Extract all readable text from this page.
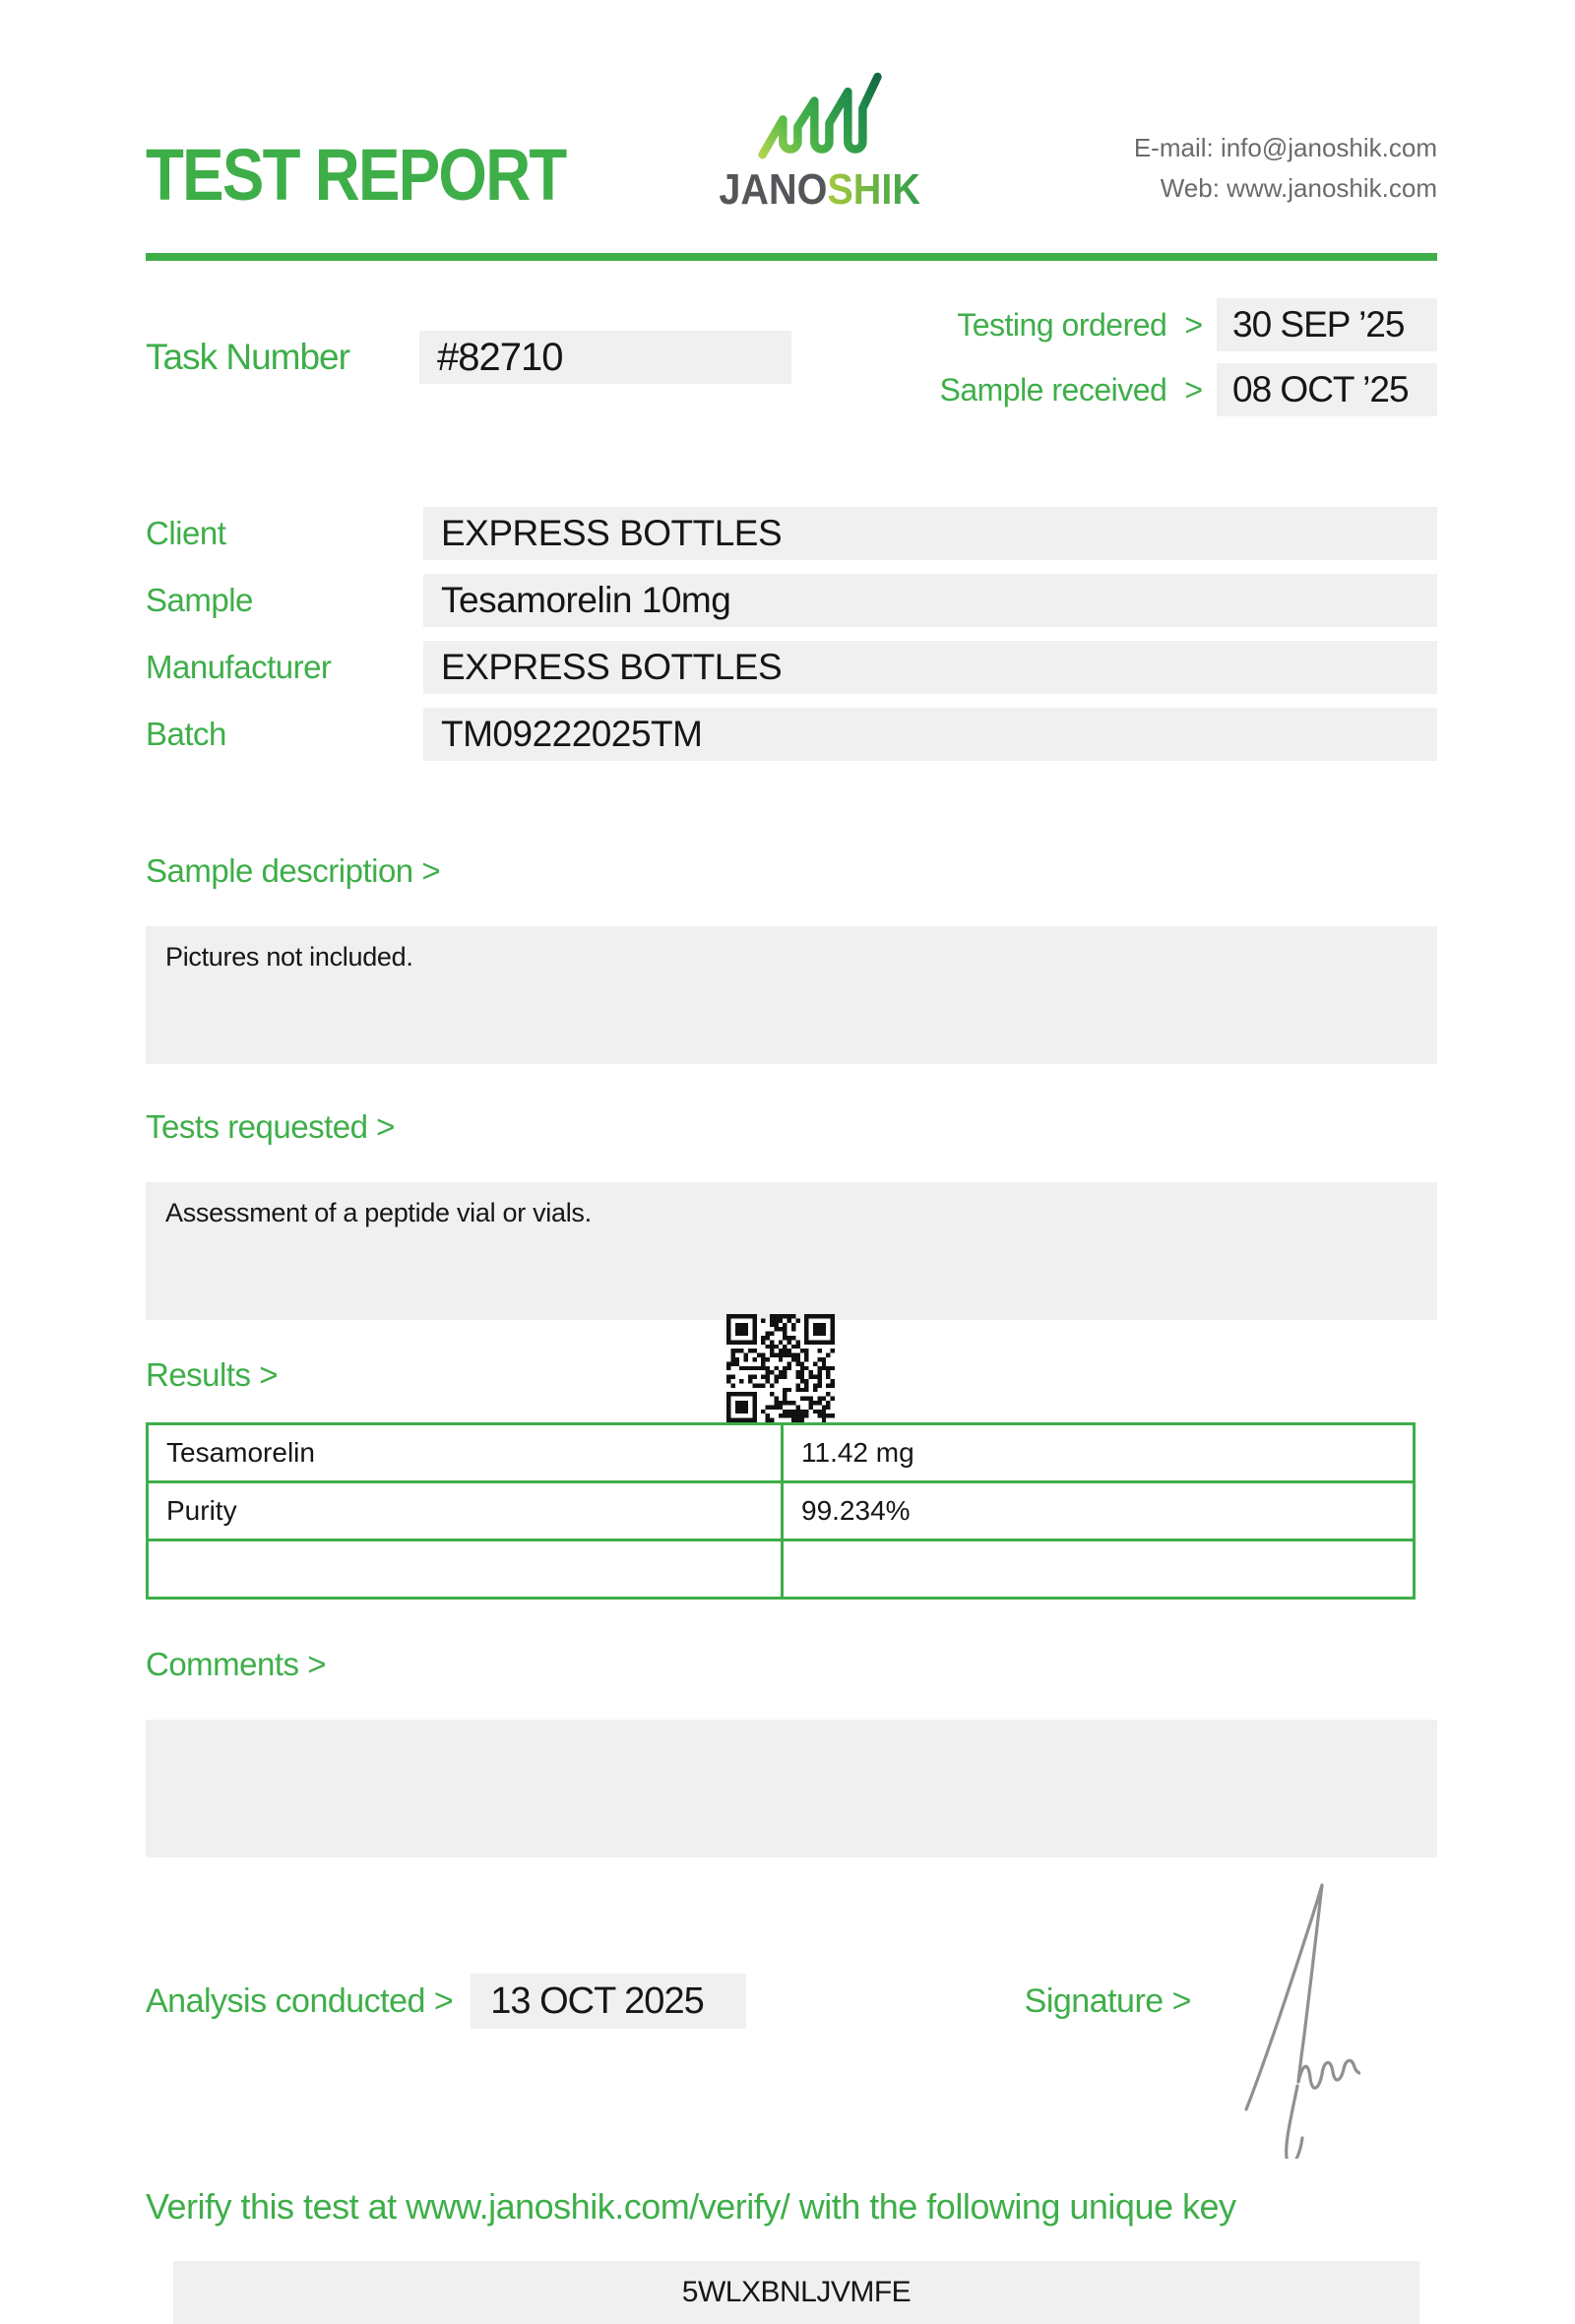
TEST REPORT	JANOSHIK
E-mail: info@janoshik.com
Web: www.janoshik.com
Task Number	#82710
Testing ordered > 30 SEP ’25
Sample received > 08 OCT ’25
Client	EXPRESS BOTTLES
Sample	Tesamorelin 10mg
Manufacturer	EXPRESS BOTTLES
Batch	TM09222025TM
Sample description >
Pictures not included.
Tests requested >
Assessment of a peptide vial or vials.
Results >
Tesamorelin	11.42 mg
Purity	99.234%
Comments >
Analysis conducted >	13 OCT 2025	Signature >
Verify this test at www.janoshik.com/verify/ with the following unique key
5WLXBNLJVMFE
